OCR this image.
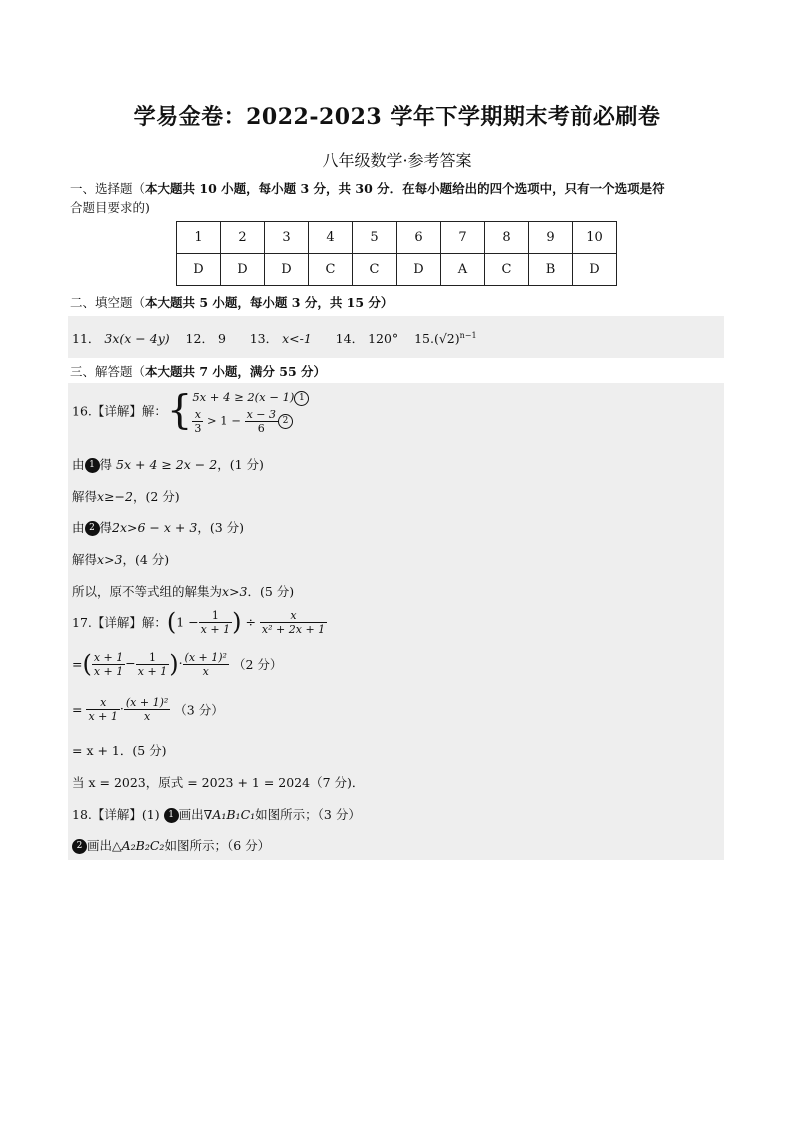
学易金卷：2022-2023 学年下学期期末考前必刷卷
八年级数学·参考答案
一、选择题（本大题共 10 小题，每小题 3 分，共 30 分．在每小题给出的四个选项中，只有一个选项是符
合题目要求的)
1	2	3	4	5	6	7	8	9	10
D	D	D	C	C	D	A	C	B	D
二、填空题（本大题共 5 小题，每小题 3 分，共 15 分）
11． 3x(x − 4y) 12． 9 13． x<-1 14． 120° $15.(√2)^{n-1}$
三、解答题（本大题共 7 小题，满分 55 分）
16.【详解】解：{5x + 4 ≥ 2(x − 1) 1

$\frac{x}{3} > 1 - \frac{x - 3}{6} 2$
由 1 得 5x + 4 ≥ 2x − 2，(1 分)
解得x≥−2，(2 分)
由 2 得2x>6 − x + 3，(3 分)
解得x>3，(4 分)
所以，原不等式组的解集为x>3．(5 分)
17.【详解】解：($1 - \frac{1}{x + 1}$ ) ÷ $\frac{x}{\text{x² + 2x + 1}}$
=( $\frac{x + 1}{x + 1} - \frac{1}{x + 1}$ )· $\frac{\text{(x + 1)²}}{x} (2$ 分）
= $\frac{x}{x + 1} \cdot \frac{\text{(x + 1)²}}{x} (3$ 分）
= x + 1．(5 分)
当 x = 2023，原式 = 2023 + 1 = 2024（7 分)．
18.【详解】(1) 1 画出∇A₁B₁C₁如图所示；（3 分）
2 画出△A₂B₂C₂如图所示；（6 分）
